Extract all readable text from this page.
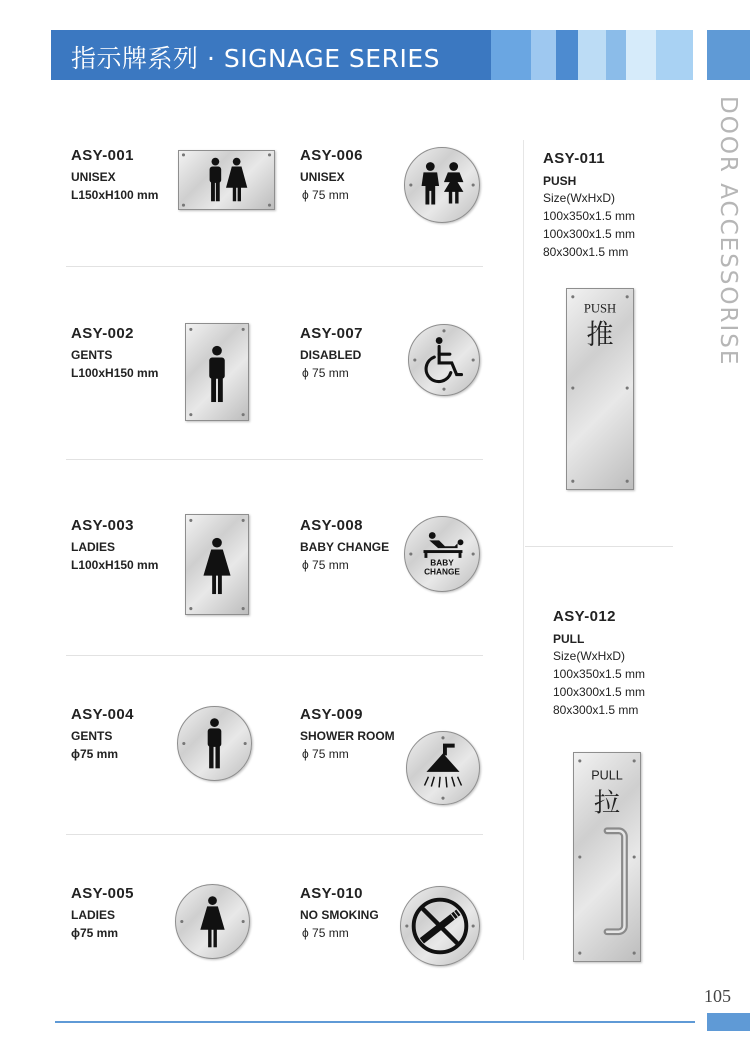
指示牌系列 · SIGNAGE SERIES
DOOR ACCESSORISE
ASY-001
UNISEX
L150xH100 mm
ASY-002
GENTS
L100xH150 mm
ASY-003
LADIES
L100xH150 mm
ASY-004
GENTS
ϕ75 mm
ASY-005
LADIES
ϕ75 mm
ASY-006
UNISEX
ϕ 75 mm
ASY-007
DISABLED
ϕ 75 mm
ASY-008
BABY CHANGE
ϕ 75 mm	BABY
CHANGE
ASY-009
SHOWER ROOM
ϕ 75 mm
ASY-010
NO SMOKING
ϕ 75 mm
ASY-011
PUSH
Size(WxHxD)
100x350x1.5 mm
100x300x1.5 mm
80x300x1.5 mm
PUSH
推
ASY-012
PULL
Size(WxHxD)
100x350x1.5 mm
100x300x1.5 mm
80x300x1.5 mm
PULL
拉
105
